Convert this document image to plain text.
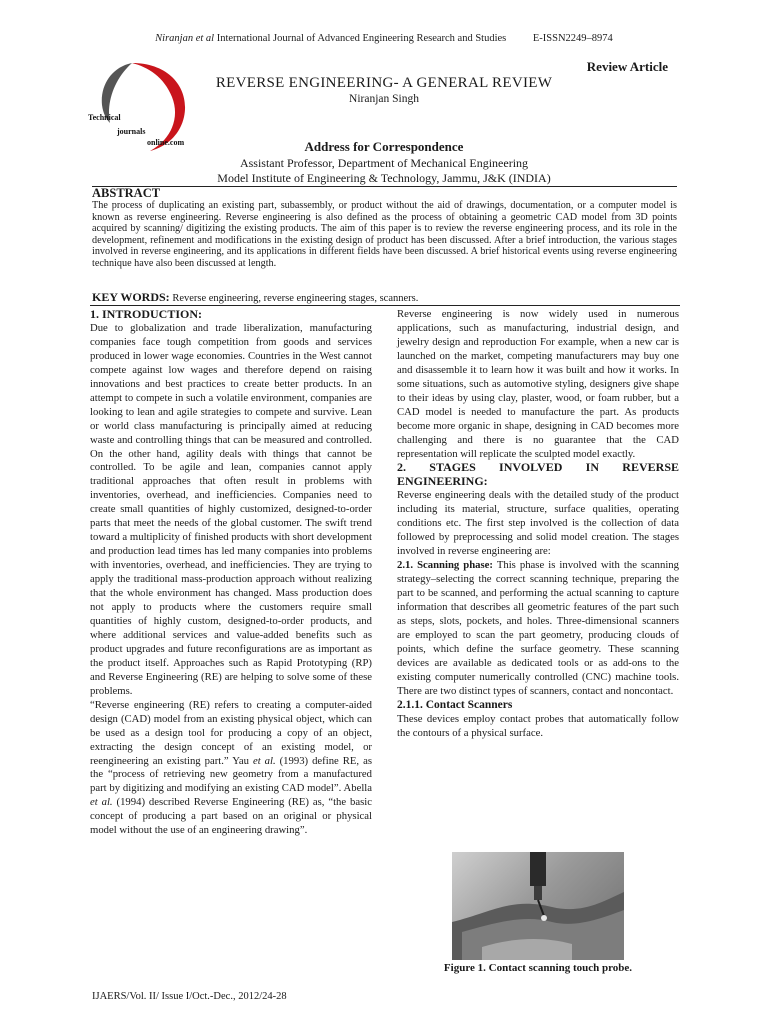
Niranjan et al International Journal of Advanced Engineering Research and Studies	E-ISSN2249–8974
Technical
journals
online.com
Review Article
REVERSE ENGINEERING- A GENERAL REVIEW
Niranjan Singh
Address for Correspondence
Assistant Professor, Department of Mechanical Engineering
Model Institute of Engineering & Technology, Jammu, J&K (INDIA)
ABSTRACT

The process of duplicating an existing part, subassembly, or product without the aid of drawings, documentation, or a computer model is known as reverse engineering. Reverse engineering is also defined as the process of obtaining a geometric CAD model from 3D points acquired by scanning/ digitizing the existing products. The aim of this paper is to review the reverse engineering process, and its role in the development, refinement and modifications in the existing design of product has been discussed. After a brief introduction, the various stages involved in reverse engineering, and its applications in different fields have been discussed. A brief historical events using reverse engineering technique have also been discussed at length.

KEY WORDS: Reverse engineering, reverse engineering stages, scanners.
1. INTRODUCTION:

Due to globalization and trade liberalization, manufacturing companies face tough competition from goods and services produced in lower wage economies. Countries in the West cannot compete against low wages and therefore depend on raising innovations and best practices to create better products. In an attempt to compete in such a volatile environment, companies are looking to lean and agile strategies to compete and survive. Lean or world class manufacturing is principally aimed at reducing waste and controlling things that can be measured and controlled. On the other hand, agility deals with things that cannot be controlled. To be agile and lean, companies cannot apply traditional approaches that often result in problems with inventories, overhead, and inefficiencies. Companies need to create small quantities of highly customized, designed-to-order parts that meet the needs of the global customer. The swift trend toward a multiplicity of finished products with short development and production lead times has led many companies into problems with inventories, overhead, and inefficiencies. They are trying to apply the traditional mass-production approach without realizing that the whole environment has changed. Mass production does not apply to products where the customers require small quantities of highly custom, designed-to-order products, and where additional services and value-added benefits such as product upgrades and future reconfigurations are as important as the product itself. Approaches such as Rapid Prototyping (RP) and Reverse Engineering (RE) are helping to solve some of these problems.

“Reverse engineering (RE) refers to creating a computer-aided design (CAD) model from an existing physical object, which can be used as a design tool for producing a copy of an object, extracting the design concept of an existing model, or reengineering an existing part.” Yau et al. (1993) define RE, as the “process of retrieving new geometry from a manufactured part by digitizing and modifying an existing CAD model”. Abella et al. (1994) described Reverse Engineering (RE) as, “the basic concept of producing a part based on an original or physical model without the use of an engineering drawing”.

Reverse engineering is now widely used in numerous applications, such as manufacturing, industrial design, and jewelry design and reproduction For example, when a new car is launched on the market, competing manufacturers may buy one and disassemble it to learn how it was built and how it works. In some situations, such as automotive styling, designers give shape to their ideas by using clay, plaster, wood, or foam rubber, but a CAD model is needed to manufacture the part. As products become more organic in shape, designing in CAD becomes more challenging and there is no guarantee that the CAD representation will replicate the sculpted model exactly.

2. STAGES INVOLVED IN REVERSE ENGINEERING:

Reverse engineering deals with the detailed study of the product including its material, structure, surface qualities, operating conditions etc. The first step involved is the collection of data followed by preprocessing and solid model creation. The stages involved in reverse engineering are:

2.1. Scanning phase: This phase is involved with the scanning strategy–selecting the correct scanning technique, preparing the part to be scanned, and performing the actual scanning to capture information that describes all geometric features of the part such as steps, slots, pockets, and holes. Three-dimensional scanners are employed to scan the part geometry, producing clouds of points, which define the surface geometry. These scanning devices are available as dedicated tools or as add-ons to the existing computer numerically controlled (CNC) machine tools. There are two distinct types of scanners, contact and noncontact.

2.1.1. Contact Scanners

These devices employ contact probes that automatically follow the contours of a physical surface.

Figure 1. Contact scanning touch probe.
IJAERS/Vol. II/ Issue I/Oct.-Dec., 2012/24-28
